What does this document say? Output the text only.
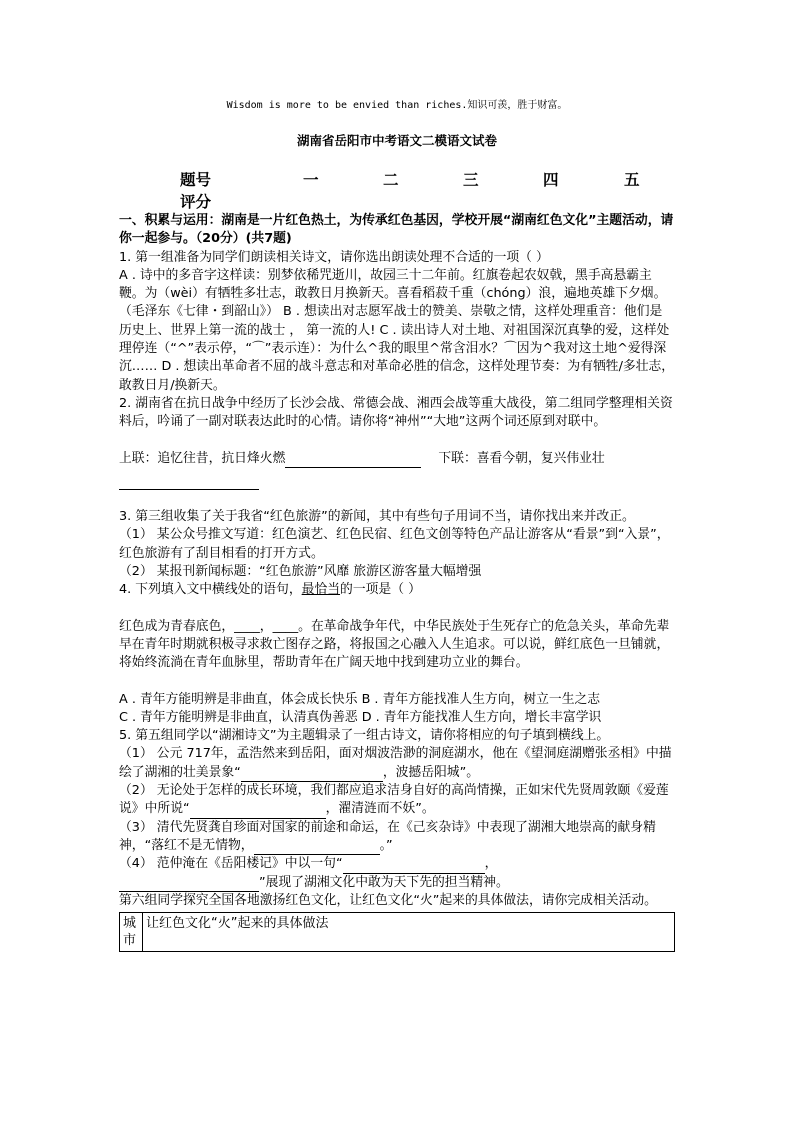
Wisdom is more to be envied than riches.知识可羡，胜于财富。
湖南省岳阳市中考语文二模语文试卷
题号	一	二	三	四	五
评分

一、积累与运用：湖南是一片红色热土，为传承红色基因，学校开展“湖南红色文化”主题活动，请你一起参与。（20分）(共7题)

1. 第一组准备为同学们朗读相关诗文，请你选出朗读处理不合适的一项（ ）

A . 诗中的多音字这样读：别梦依稀咒逝川，故园三十二年前。红旗卷起农奴戟，黑手高悬霸主鞭。为（wèi）有牺牲多壮志，敢教日月换新天。喜看稻菽千重（chóng）浪，遍地英雄下夕烟。（毛泽东《七律・到韶山》） B . 想读出对志愿军战士的赞美、崇敬之情，这样处理重音：他们是历史上、世界上第一流的战士 ， 第一流的人! C . 读出诗人对土地、对祖国深沉真挚的爱，这样处理停连（“^”表示停，“⌒”表示连）：为什么^我的眼里^常含泪水？⌒因为^我对这土地^爱得深沉…… D . 想读出革命者不屈的战斗意志和对革命必胜的信念，这样处理节奏：为有牺牲/多壮志，敢教日月/换新天。

2. 湖南省在抗日战争中经历了长沙会战、常德会战、湘西会战等重大战役，第二组同学整理相关资料后，吟诵了一副对联表达此时的心情。请你将“神州”“大地”这两个词还原到对联中。

上联：追忆往昔，抗日烽火燃	下联：喜看今朝，复兴伟业壮

3. 第三组收集了关于我省“红色旅游”的新闻，其中有些句子用词不当，请你找出来并改正。

（1） 某公众号推文写道：红色演艺、红色民宿、红色文创等特色产品让游客从“看景”到“入景”，红色旅游有了刮目相看的打开方式。

（2） 某报刊新闻标题：“红色旅游”风靡 旅游区游客量大幅增强

4. 下列填入文中横线处的语句，最恰当的一项是（ ）

红色成为青春底色，____，____。在革命战争年代，中华民族处于生死存亡的危急关头，革命先辈早在青年时期就积极寻求救亡图存之路，将报国之心融入人生追求。可以说，鲜红底色一旦铺就，将始终流淌在青年血脉里，帮助青年在广阔天地中找到建功立业的舞台。

A . 青年方能明辨是非曲直，体会成长快乐 B . 青年方能找准人生方向，树立一生之志

C . 青年方能明辨是非曲直，认清真伪善恶 D . 青年方能找准人生方向，增长丰富学识

5. 第五组同学以“湖湘诗文”为主题辑录了一组古诗文，请你将相应的句子填到横线上。

（1） 公元 717年，孟浩然来到岳阳，面对烟波浩渺的洞庭湖水，他在《望洞庭湖赠张丞相》中描绘了湖湘的壮美景象“	，波撼岳阳城”。

（2） 无论处于怎样的成长环境，我们都应追求洁身自好的高尚情操，正如宋代先贤周敦颐《爱莲说》中所说“	，濯清涟而不妖”。

（3） 清代先贤龚自珍面对国家的前途和命运，在《己亥杂诗》中表现了湖湘大地崇高的献身精神，“落红不是无情物，	。”

（4） 范仲淹在《岳阳楼记》中以一句“	，
”展现了湖湘文化中敢为天下先的担当精神。

第六组同学探究全国各地激扬红色文化，让红色文化“火”起来的具体做法，请你完成相关活动。

城市	让红色文化“火”起来的具体做法
